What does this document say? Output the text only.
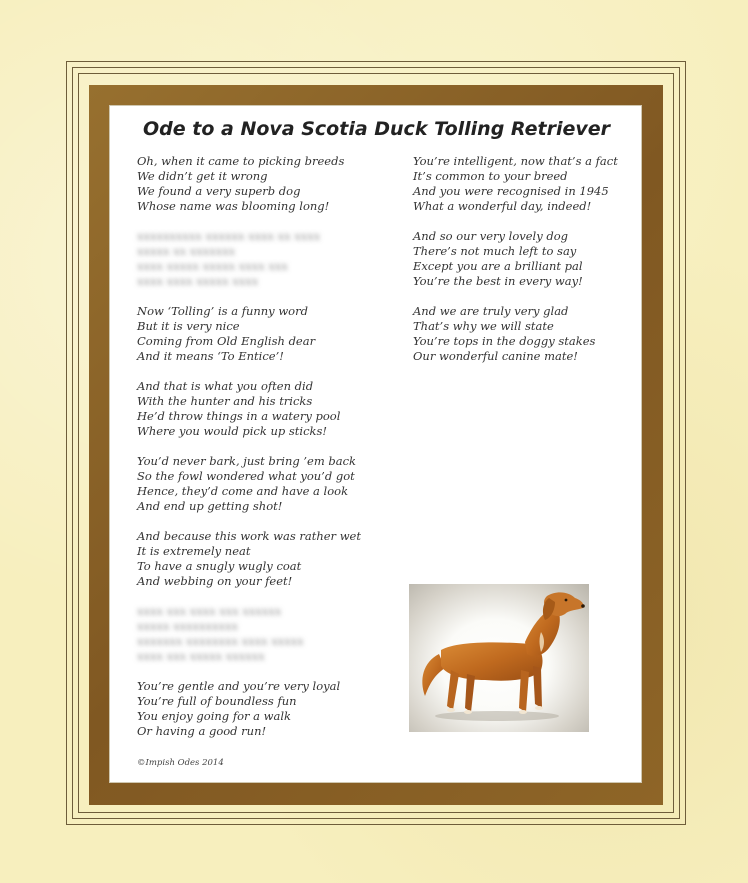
Ode to a Nova Scotia Duck Tolling Retriever
Oh, when it came to picking breeds
We didn’t get it wrong
We found a very superb dog
Whose name was blooming long!
xxxxxxxxxx xxxxxx xxxx xx xxxx
xxxxx xx xxxxxxx
xxxx xxxxx xxxxx xxxx xxx
xxxx xxxx xxxxx xxxx
Now ‘Tolling’ is a funny word
But it is very nice
Coming from Old English dear
And it means ‘To Entice’!
And that is what you often did
With the hunter and his tricks
He’d throw things in a watery pool
Where you would pick up sticks!
You’d never bark, just bring ’em back
So the fowl wondered what you’d got
Hence, they’d come and have a look
And end up getting shot!
And because this work was rather wet
It is extremely neat
To have a snugly wugly coat
And webbing on your feet!
xxxx xxx xxxx xxx xxxxxx
xxxxx xxxxxxxxxx
xxxxxxx xxxxxxxx xxxx xxxxx
xxxx xxx xxxxx xxxxxx
You’re gentle and you’re very loyal
You’re full of boundless fun
You enjoy going for a walk
Or having a good run!
You’re intelligent, now that’s a fact
It’s common to your breed
And you were recognised in 1945
What a wonderful day, indeed!
And so our very lovely dog
There’s not much left to say
Except you are a brilliant pal
You’re the best in every way!
And we are truly very glad
That’s why we will state
You’re tops in the doggy stakes
Our wonderful canine mate!
©Impish Odes 2014
